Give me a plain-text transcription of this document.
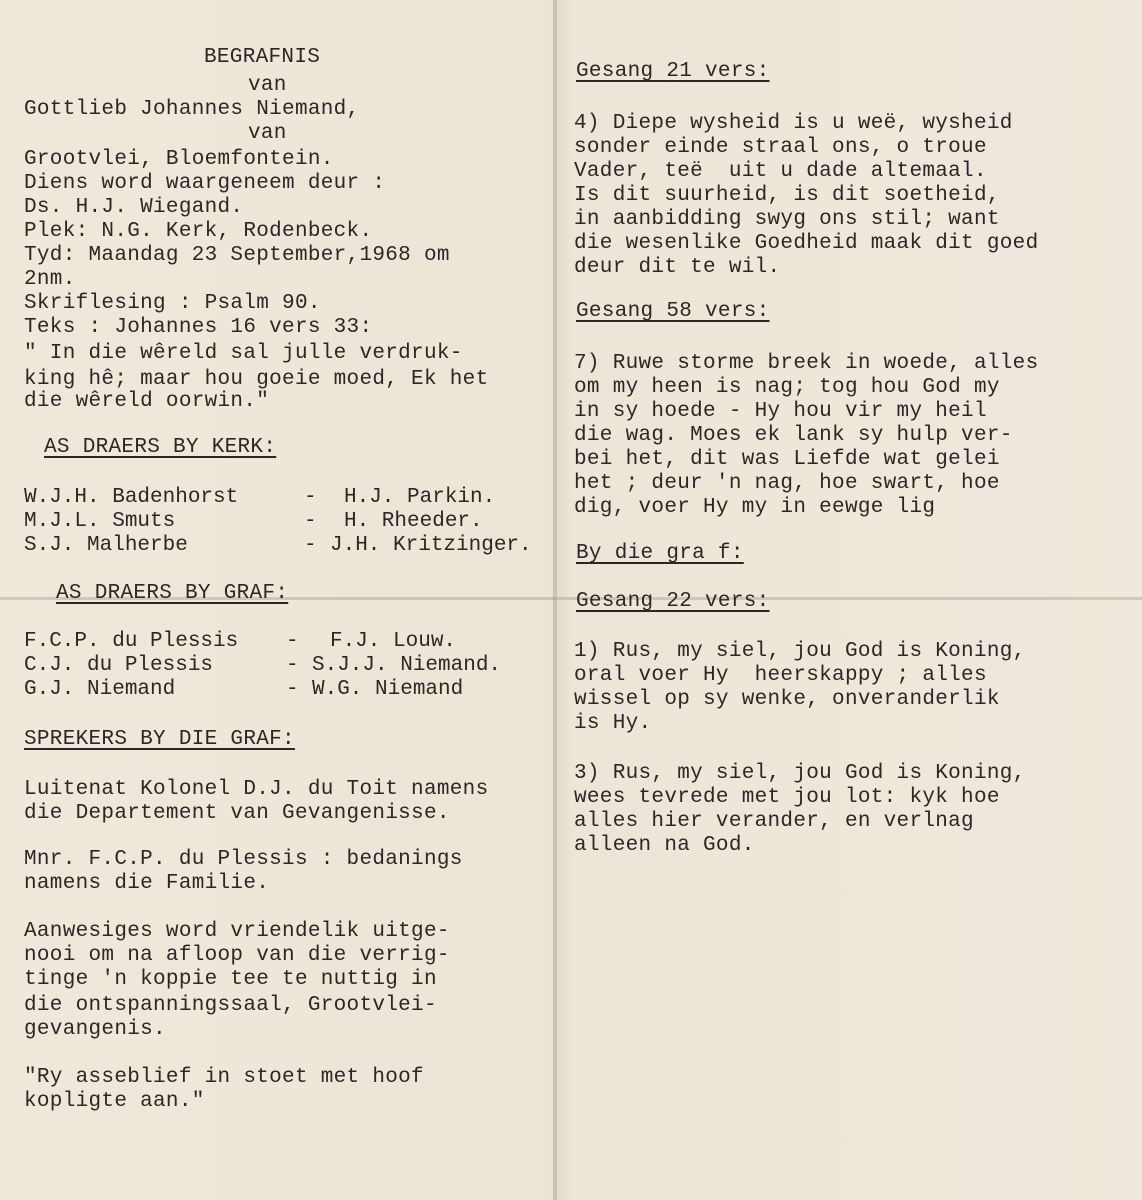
BEGRAFNIS
van
Gottlieb Johannes Niemand,
van
Grootvlei, Bloemfontein.
Diens word waargeneem deur :
Ds. H.J. Wiegand.
Plek: N.G. Kerk, Rodenbeck.
Tyd: Maandag 23 September,1968 om
2nm.
Skriflesing : Psalm 90.
Teks : Johannes 16 vers 33:
" In die wêreld sal julle verdruk-
king hê; maar hou goeie moed, Ek het
die wêreld oorwin."
AS DRAERS BY KERK:
W.J.H. Badenhorst	- H.J. Parkin.
M.J.L. Smuts	- H. Rheeder.
S.J. Malherbe	- J.H. Kritzinger.
AS DRAERS BY GRAF:
F.C.P. du Plessis - F.J. Louw.
C.J. du Plessis	- S.J.J. Niemand.
G.J. Niemand	- W.G. Niemand
SPREKERS BY DIE GRAF:
Luitenat Kolonel D.J. du Toit namens
die Departement van Gevangenisse.
Mnr. F.C.P. du Plessis : bedanings
namens die Familie.
Aanwesiges word vriendelik uitge-
nooi om na afloop van die verrig-
tinge 'n koppie tee te nuttig in
die ontspanningssaal, Grootvlei-
gevangenis.
"Ry asseblief in stoet met hoof
kopligte aan."
Gesang 21 vers:
4) Diepe wysheid is u weë, wysheid
sonder einde straal ons, o troue
Vader, teë  uit u dade altemaal.
Is dit suurheid, is dit soetheid,
in aanbidding swyg ons stil; want
die wesenlike Goedheid maak dit goed
deur dit te wil.
Gesang 58 vers:
7) Ruwe storme breek in woede, alles
om my heen is nag; tog hou God my
in sy hoede - Hy hou vir my heil
die wag. Moes ek lank sy hulp ver-
bei het, dit was Liefde wat gelei
het ; deur 'n nag, hoe swart, hoe
dig, voer Hy my in eewge lig
By die gra f:
Gesang 22 vers:
1) Rus, my siel, jou God is Koning,
oral voer Hy  heerskappy ; alles
wissel op sy wenke, onveranderlik
is Hy.
3) Rus, my siel, jou God is Koning,
wees tevrede met jou lot: kyk hoe
alles hier verander, en verlnag
alleen na God.
